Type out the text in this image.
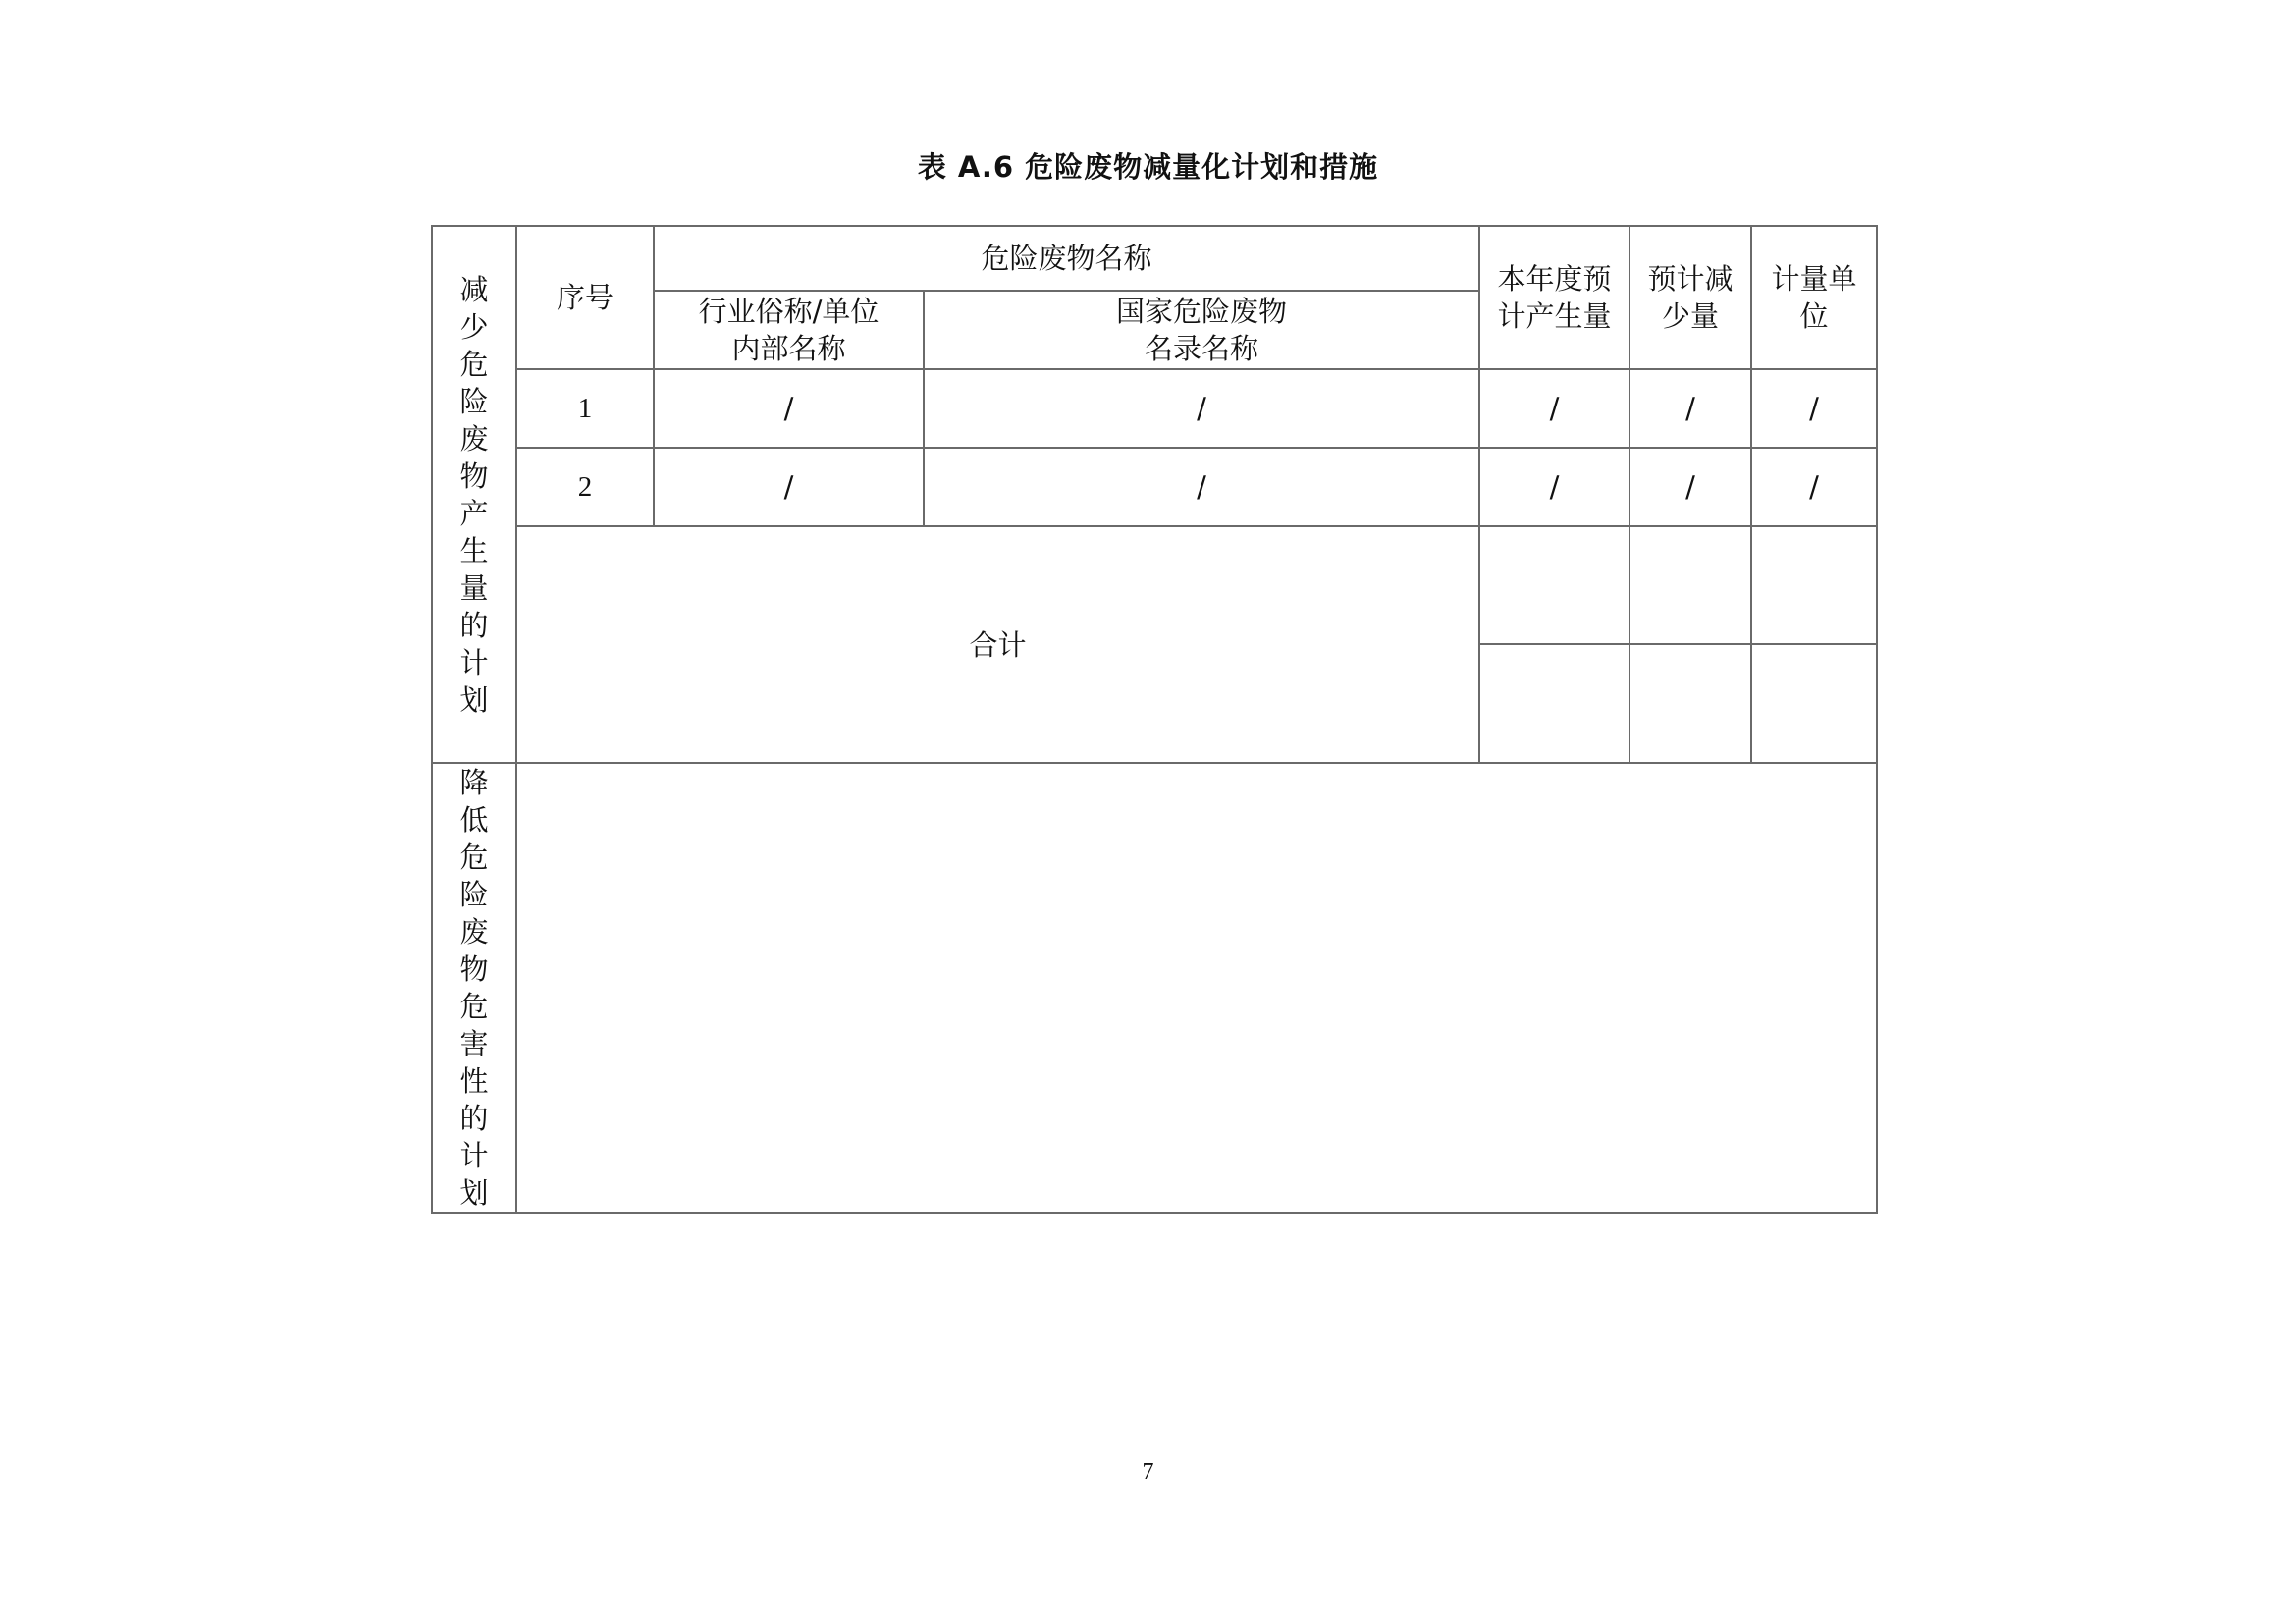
表 A.6 危险废物减量化计划和措施
减少危险废物产生量的计划	序号	危险废物名称		本年度预计产生量	预计减少量	计量单位

		行业俗称/单位内部名称	国家危险废物名录名称			

	1	/	/	/	/	/
	2	/	/	/	/	/
	合计					

降低危险废物危害性的计划						
7
